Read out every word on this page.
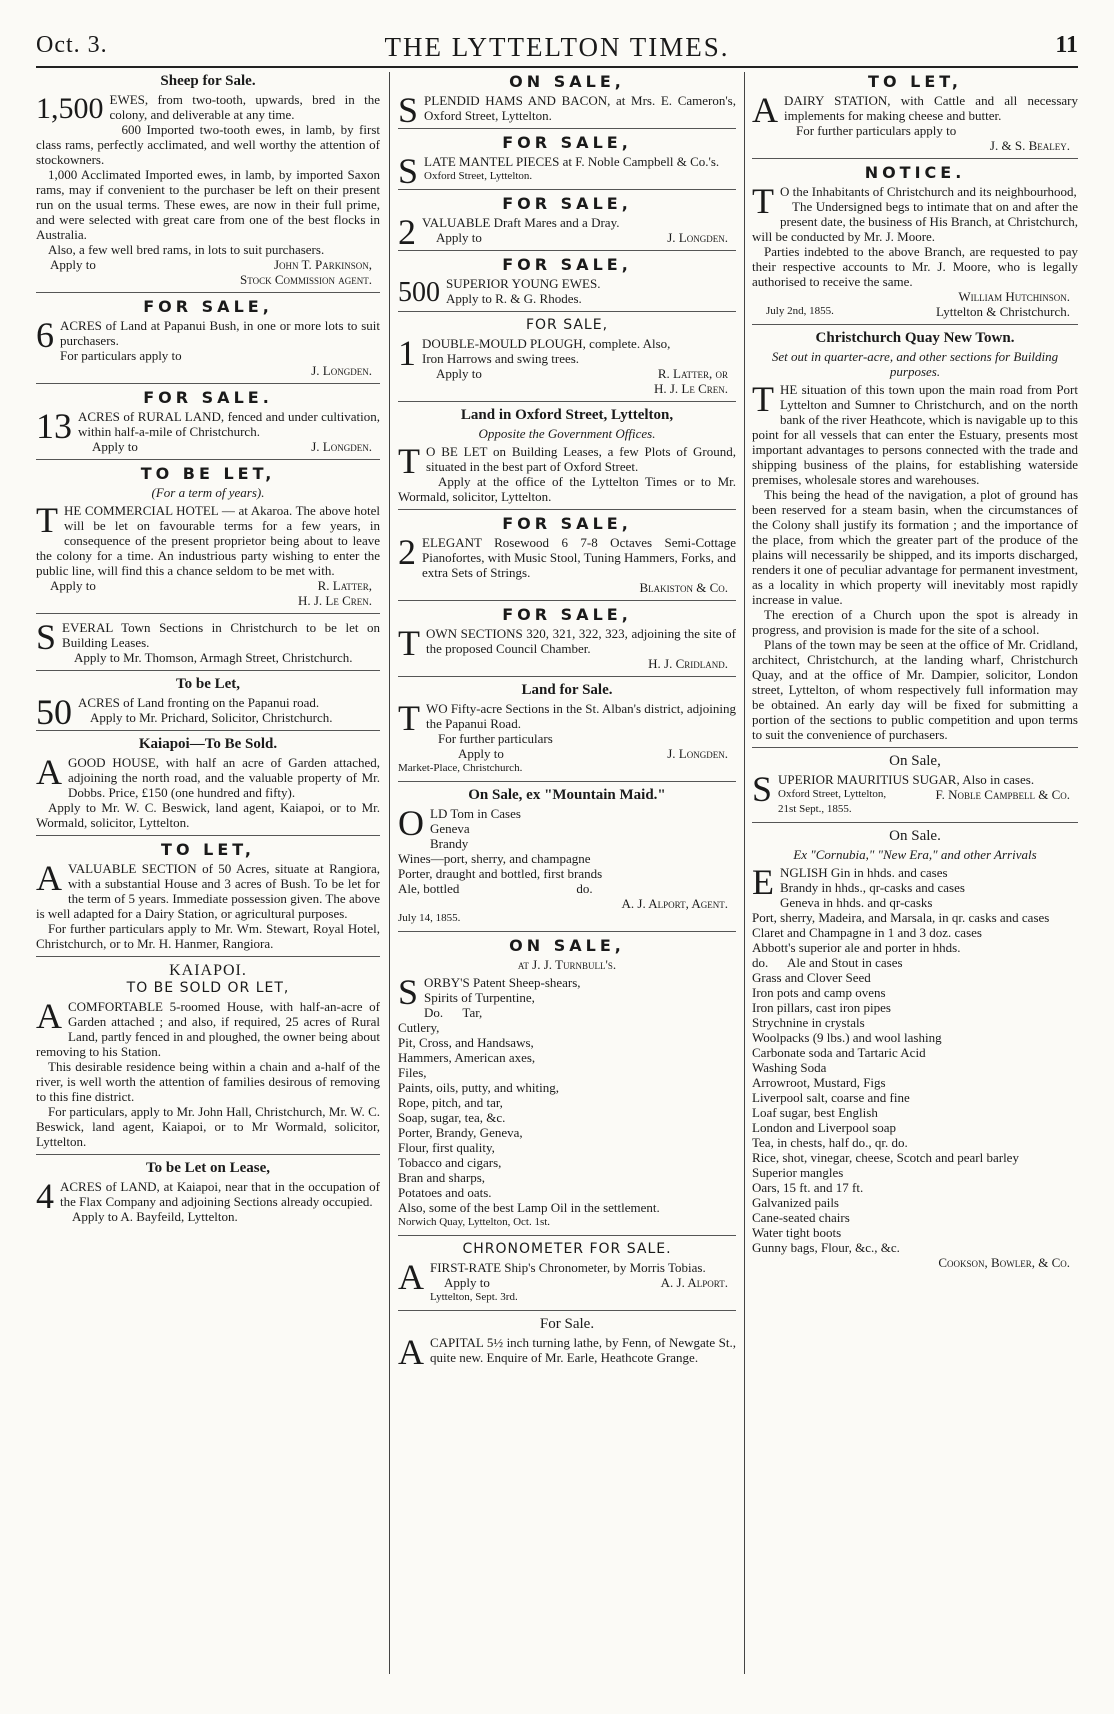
Oct. 3.	THE LYTTELTON TIMES.	11
Sheep for Sale.

1,500 EWES, from two-tooth, upwards, bred in the colony, and deliverable at any time.

600 Imported two-tooth ewes, in lamb, by first class rams, perfectly acclimated, and well worthy the attention of stockowners.

1,000 Acclimated Imported ewes, in lamb, by imported Saxon rams, may if convenient to the purchaser be left on their present run on the usual terms. These ewes, are now in their full prime, and were selected with great care from one of the best flocks in Australia.

Also, a few well bred rams, in lots to suit purchasers.

Apply to	John T. Parkinson,
Stock Commission agent.
FOR SALE,

6 ACRES of Land at Papanui Bush, in one or more lots to suit purchasers.

For particulars apply to

J. Longden.
FOR SALE.

13 ACRES of RURAL LAND, fenced and under cultivation, within half-a-mile of Christchurch.

Apply to	J. Longden.
TO BE LET,
(For a term of years).

THE COMMERCIAL HOTEL — at Akaroa. The above hotel will be let on favourable terms for a few years, in consequence of the present proprietor being about to leave the colony for a time. An industrious party wishing to enter the public line, will find this a chance seldom to be met with.

Apply to	R. Latter,
H. J. Le Cren.

SEVERAL Town Sections in Christchurch to be let on Building Leases.

Apply to Mr. Thomson, Armagh Street, Christchurch.

To be Let,

50 ACRES of Land fronting on the Papanui road.

Apply to Mr. Prichard, Solicitor, Christchurch.

Kaiapoi—To Be Sold.

AGOOD HOUSE, with half an acre of Garden attached, adjoining the north road, and the valuable property of Mr. Dobbs. Price, £150 (one hundred and fifty).

Apply to Mr. W. C. Beswick, land agent, Kaiapoi, or to Mr. Wormald, solicitor, Lyttelton.

TO LET,

AVALUABLE SECTION of 50 Acres, situate at Rangiora, with a substantial House and 3 acres of Bush. To be let for the term of 5 years. Immediate possession given. The above is well adapted for a Dairy Station, or agricultural purposes.

For further particulars apply to Mr. Wm. Stewart, Royal Hotel, Christchurch, or to Mr. H. Hanmer, Rangiora.

KAIAPOI.
TO BE SOLD OR LET,

ACOMFORTABLE 5-roomed House, with half-an-acre of Garden attached ; and also, if required, 25 acres of Rural Land, partly fenced in and ploughed, the owner being about removing to his Station.

This desirable residence being within a chain and a-half of the river, is well worth the attention of families desirous of removing to this fine district.

For particulars, apply to Mr. John Hall, Christchurch, Mr. W. C. Beswick, land agent, Kaiapoi, or to Mr Wormald, solicitor, Lyttelton.

To be Let on Lease,

4 ACRES of LAND, at Kaiapoi, near that in the occupation of the Flax Company and adjoining Sections already occupied.

Apply to A. Bayfeild, Lyttelton.

ON SALE,

SPLENDID HAMS AND BACON, at Mrs. E. Cameron's, Oxford Street, Lyttelton.

FOR SALE,

SLATE MANTEL PIECES at F. Noble Campbell & Co.'s.

Oxford Street, Lyttelton.
FOR SALE,

2 VALUABLE Draft Mares and a Dray.

Apply to	J. Longden.
FOR SALE,

500 SUPERIOR YOUNG EWES.

Apply to R. & G. Rhodes.
FOR SALE,

1 DOUBLE-MOULD PLOUGH, complete. Also,

Iron Harrows and swing trees.

Apply to	R. Latter, or
H. J. Le Cren.
Land in Oxford Street, Lyttelton,
Opposite the Government Offices.

T O BE LET on Building Leases, a few Plots of Ground, situated in the best part of Oxford Street.

Apply at the office of the Lyttelton Times or to Mr. Wormald, solicitor, Lyttelton.

FOR SALE,

2 ELEGANT Rosewood 6 7-8 Octaves Semi-Cottage Pianofortes, with Music Stool, Tuning Hammers, Forks, and extra Sets of Strings.

Blakiston & Co.
FOR SALE,

TOWN SECTIONS 320, 321, 322, 323, adjoining the site of the proposed Council Chamber.

H. J. Cridland.
Land for Sale.

TWO Fifty-acre Sections in the St. Alban's district, adjoining the Papanui Road.

For further particulars

Apply to	J. Longden.
Market-Place, Christchurch.
On Sale, ex "Mountain Maid."

OLD Tom in Cases

Geneva
Brandy
Wines—port, sherry, and champagne
Porter, draught and bottled, first brands
Ale, bottled                                    do.
A. J. Alport, Agent.
July 14, 1855.
ON SALE,
at J. J. Turnbull's.

SORBY'S Patent Sheep-shears,

Spirits of Turpentine,
Do.      Tar,
Cutlery,
Pit, Cross, and Handsaws,
Hammers, American axes,
Files,
Paints, oils, putty, and whiting,
Rope, pitch, and tar,
Soap, sugar, tea, &c.
Porter, Brandy, Geneva,
Flour, first quality,
Tobacco and cigars,
Bran and sharps,
Potatoes and oats.

Also, some of the best Lamp Oil in the settlement.

Norwich Quay, Lyttelton, Oct. 1st.
CHRONOMETER FOR SALE.

AFIRST-RATE Ship's Chronometer, by Morris Tobias.

Apply to	A. J. Alport.
Lyttelton, Sept. 3rd.
For Sale.

ACAPITAL 5½ inch turning lathe, by Fenn, of Newgate St., quite new. Enquire of Mr. Earle, Heathcote Grange.

TO LET,

ADAIRY STATION, with Cattle and all necessary implements for making cheese and butter.

For further particulars apply to

J. & S. Bealey.
NOTICE.

T O the Inhabitants of Christchurch and its neighbourhood,

The Undersigned begs to intimate that on and after the present date, the business of His Branch, at Christchurch, will be conducted by Mr. J. Moore.

Parties indebted to the above Branch, are requested to pay their respective accounts to Mr. J. Moore, who is legally authorised to receive the same.

William Hutchinson.
July 2nd, 1855.	Lyttelton & Christchurch.
Christchurch Quay New Town.
Set out in quarter-acre, and other sections for Building purposes.

THE situation of this town upon the main road from Port Lyttelton and Sumner to Christchurch, and on the north bank of the river Heathcote, which is navigable up to this point for all vessels that can enter the Estuary, presents most important advantages to persons connected with the trade and shipping business of the plains, for establishing waterside premises, wholesale stores and warehouses.

This being the head of the navigation, a plot of ground has been reserved for a steam basin, when the circumstances of the Colony shall justify its formation ; and the importance of the place, from which the greater part of the produce of the plains will necessarily be shipped, and its imports discharged, renders it one of peculiar advantage for permanent investment, as a locality in which property will inevitably most rapidly increase in value.

The erection of a Church upon the spot is already in progress, and provision is made for the site of a school.

Plans of the town may be seen at the office of Mr. Cridland, architect, Christchurch, at the landing wharf, Christchurch Quay, and at the office of Mr. Dampier, solicitor, London street, Lyttelton, of whom respectively full information may be obtained. An early day will be fixed for submitting a portion of the sections to public competition and upon terms to suit the convenience of purchasers.

On Sale,

SUPERIOR MAURITIUS SUGAR, Also in cases.

Oxford Street, Lyttelton,	F. Noble Campbell & Co.
21st Sept., 1855.
On Sale.
Ex "Cornubia," "New Era," and other Arrivals

ENGLISH Gin in hhds. and cases

Brandy in hhds., qr-casks and cases
Geneva in hhds. and qr-casks
Port, sherry, Madeira, and Marsala, in qr. casks and cases
Claret and Champagne in 1 and 3 doz. cases
Abbott's superior ale and porter in hhds.
do.      Ale and Stout in cases
Grass and Clover Seed
Iron pots and camp ovens
Iron pillars, cast iron pipes
Strychnine in crystals
Woolpacks (9 lbs.) and wool lashing
Carbonate soda and Tartaric Acid
Washing Soda
Arrowroot, Mustard, Figs
Liverpool salt, coarse and fine
Loaf sugar, best English
London and Liverpool soap
Tea, in chests, half do., qr. do.
Rice, shot, vinegar, cheese, Scotch and pearl barley
Superior mangles
Oars, 15 ft. and 17 ft.
Galvanized pails
Cane-seated chairs
Water tight boots
Gunny bags, Flour, &c., &c.
Cookson, Bowler, & Co.
